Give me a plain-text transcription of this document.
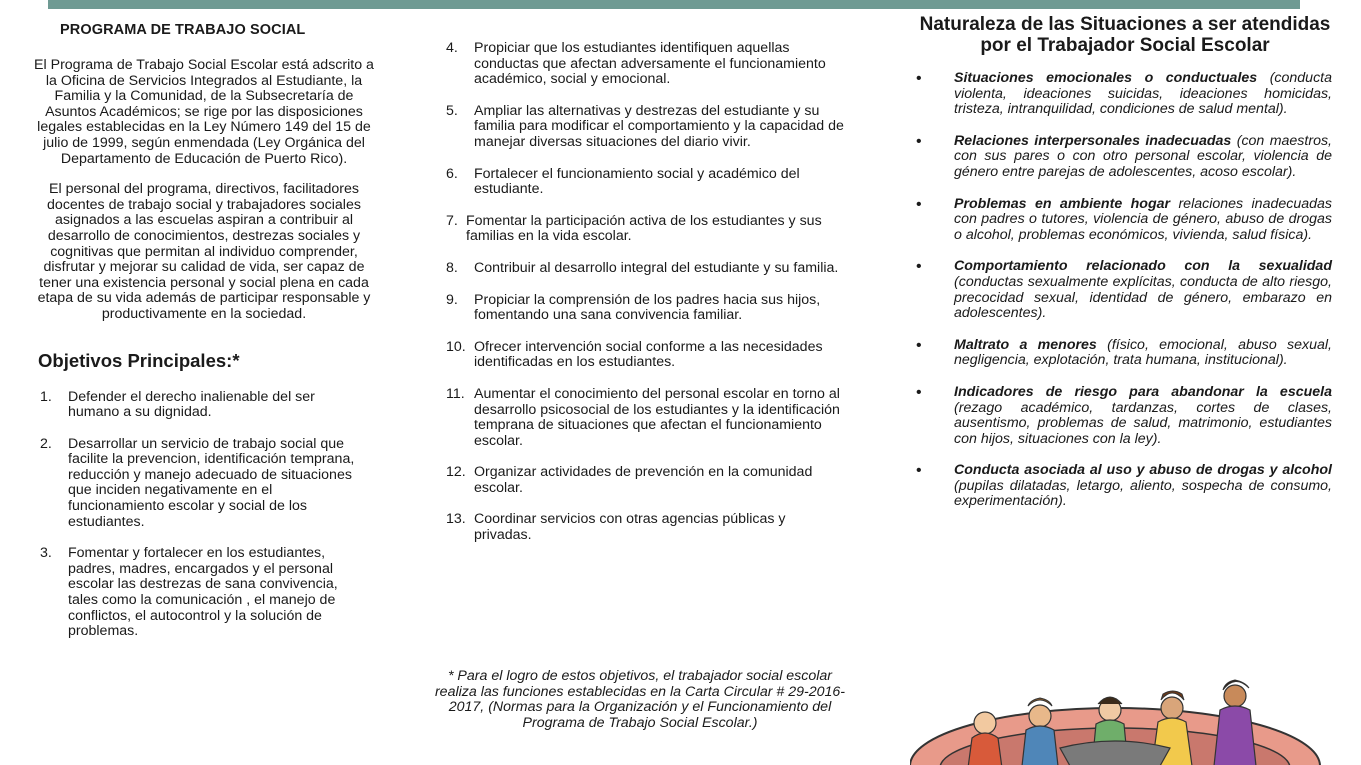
PROGRAMA DE TRABAJO SOCIAL

El Programa de Trabajo Social Escolar está adscrito a la Oficina de Servicios Integrados al Estudiante, la Familia y la Comunidad, de la Subsecretaría de Asuntos Académicos; se rige por las disposiciones legales establecidas en la Ley Número 149 del 15 de julio de 1999, según enmendada (Ley Orgánica del Departamento de Educación de Puerto Rico).

El personal del programa, directivos, facilitadores docentes de trabajo social y trabajadores sociales asignados a las escuelas aspiran a contribuir al desarrollo de conocimientos, destrezas sociales y cognitivas que permitan al individuo comprender, disfrutar y mejorar su calidad de vida, ser capaz de tener una existencia personal y social plena en cada etapa de su vida además de participar responsable y productivamente en la sociedad.

Objetivos Principales:*
1.	Defender el derecho inalienable del ser humano a su dignidad.
2.	Desarrollar un servicio de trabajo social que facilite la prevencion, identificación temprana, reducción y manejo adecuado de situaciones que inciden negativamente en el funcionamiento escolar y social de los estudiantes.
3.	Fomentar y fortalecer en los estudiantes, padres, madres, encargados y el personal escolar las destrezas de sana convivencia, tales como la comunicación , el manejo de conflictos, el autocontrol y la solución de problemas.
4.	Propiciar que los estudiantes identifiquen aquellas conductas que afectan adversamente el funcionamiento académico, social y emocional.
5.	Ampliar las alternativas y destrezas del estudiante y su familia para modificar el comportamiento y la capacidad de manejar diversas situaciones del diario vivir.
6.	Fortalecer el funcionamiento social y académico del estudiante.
7. Fomentar la participación activa de los estudiantes y sus familias en la vida escolar.
8.	Contribuir al desarrollo integral del estudiante y su familia.
9.	Propiciar la comprensión de los padres hacia sus hijos, fomentando una sana convivencia familiar.
10. Ofrecer intervención social conforme a las necesidades identificadas en los estudiantes.
11. Aumentar el conocimiento del personal escolar en torno al desarrollo psicosocial de los estudiantes y la identificación temprana de situaciones que afectan el funcionamiento escolar.
12. Organizar actividades de prevención en la comunidad escolar.
13. Coordinar servicios con otras agencias públicas y privadas.
* Para el logro de estos objetivos, el trabajador social escolar realiza las funciones establecidas en la Carta Circular # 29-2016-2017, (Normas para la Organización y el Funcionamiento del Programa de Trabajo Social Escolar.)
Naturaleza de las Situaciones a ser atendidas por el Trabajador Social Escolar
•	Situaciones emocionales o conductuales (conducta violenta, ideaciones suicidas, ideaciones homicidas, tristeza, intranquilidad, condiciones de salud mental).
•	Relaciones interpersonales inadecuadas (con maestros, con sus pares o con otro personal escolar, violencia de género entre parejas de adolescentes, acoso escolar).
•	Problemas en ambiente hogar relaciones inadecuadas con padres o tutores, violencia de género, abuso de drogas o alcohol, problemas económicos, vivienda, salud física).
•	Comportamiento relacionado con la sexualidad (conductas sexualmente explícitas, conducta de alto riesgo, precocidad sexual, identidad de género, embarazo en adolescentes).
•	Maltrato a menores (físico, emocional, abuso sexual, negligencia, explotación, trata humana, institucional).
•	Indicadores de riesgo para abandonar la escuela (rezago académico, tardanzas, cortes de clases, ausentismo, problemas de salud, matrimonio, estudiantes con hijos, situaciones con la ley).
•	Conducta asociada al uso y abuso de drogas y alcohol (pupilas dilatadas, letargo, aliento, sospecha de consumo, experimentación).
